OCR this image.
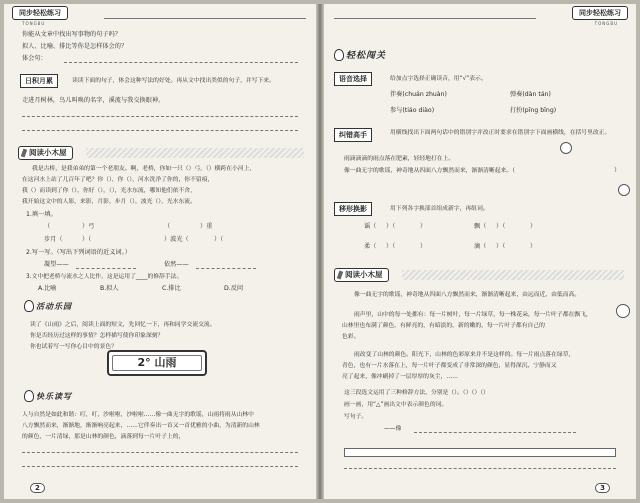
同步轻松练习
TONGBU
你能从文章中找出写事物的句子吗？
拟人、比喻、排比等你是怎样体会的？
体会句：
日积月累	读读下面的句子，体会这种写法的好处。再从文中找出类似的句子，并写下来。
走进月树林，鸟儿叫唤的名字，溪流与我交换眼神。
阅读小木屋
我是古桥，是我弟弟的第一个老朋友。啊，老桥，你如一只（）弓，（）横跨在小河上，
在这河水上站了几百年了吧？你（），你（），河水洗净了你的，你不留痕，
我（）而读到了你（），你好（），（），光水东流，哪知他们依不舍，
我开始这文中的人影，来影，月影，步月（），波光（），光水东流。
1.填一填。
（	）弓	（	）重
步月（	）（	）波光（	）（
2.写一写。（写出下列词语的近义词。）
凝望——	依然——
3.文中把老桥与流水之人比作，这是运用了____的修辞手法。
A.比喻	B.拟人	C.排比	D.反问
活动乐园
读了《山雨》之后，阅读上面的短文，先回忆一下，再和同学交流交流。
你是否经历过这样的事情？怎样描写使你印象深刻？
你也试着写一写你心目中的景色？
2° 山雨
快乐读写
人与自然是如此和谐：叮，叮，沙啦啦，沙啦啦……像一曲无字的歌谣，山雨将雨从山林中
八方飘然而来，渐渐地，渐渐响亮起来，……它伴奏出一首又一首优雅的小曲，为清新的山林
的颜色，一片清绿，那是山林的颜色，滴落到每一片叶子上的，
2
同步轻松练习
TONGBU
轻松闯关
语音选择	给加点字选择正确读音，用“√”表示。
伴奏(chuán zhuàn)	弹奏(dàn tán)
参与(tiáo diào)	打扮(pīng bīng)
纠错高手	用横线找出下面两句话中的错别字并改正时要求在错别字下面画横线，在括号里改正。
雨滴滴滴的雨点落在肥素，轻轻地打在上。
像一曲无字的歌谣，神奇地从四面八方飘然而来，渐渐清晰起来。（	）
移形换影	用下列各字换部首组成新字，再组词。
谣（ ）（	）	飘（ ）（	）
柔（ ）（	）	滴（ ）（	）
阅读小木屋
像一曲无字的歌谣，神奇地从四面八方飘然而来，渐渐清晰起来，由远而近，由低而高。
雨声里，山中的每一处都有：每一片树叶，每一片绿草，每一株花朵，每一片叶子都在飘飞，
山林里也布满了颜色，有鲜亮的，有暗淡的，新的嫩的，每一片叶子都有自己的
色彩。
雨改变了山林的颜色。阳光下，山林的色彩原来并不是这样的。每一片雨点落在绿草，
青色，也有一片水落在上，每一片叶子都变成了非常深的颜色，显得深沉、宁静而又
亮了起来，像冲刷掉了一层厚厚的灰尘，……
这三段选文运用了三种修辞方法，分别是（）。（）（）（）
画一画，用“△”画出文中表示颜色的词。
写句子。
——像
3
